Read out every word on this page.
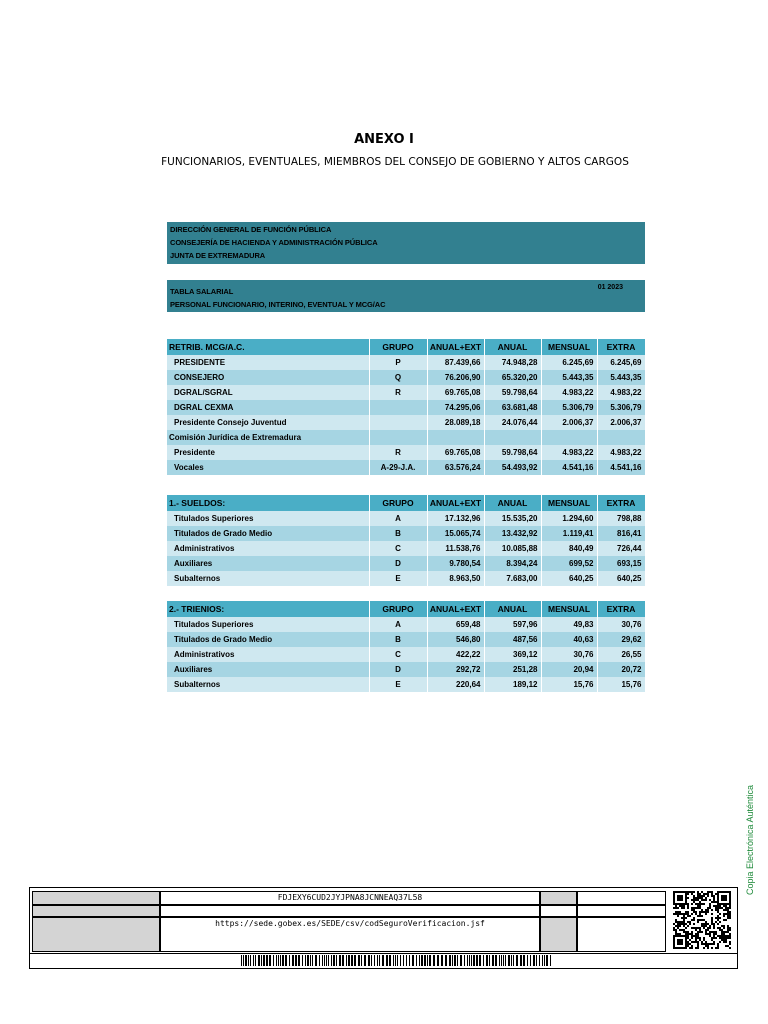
ANEXO I
FUNCIONARIOS, EVENTUALES, MIEMBROS DEL CONSEJO DE GOBIERNO Y ALTOS CARGOS
DIRECCIÓN GENERAL DE FUNCIÓN PÚBLICA
CONSEJERÍA DE HACIENDA Y ADMINISTRACIÓN PÚBLICA
JUNTA DE EXTREMADURA
TABLA SALARIAL
PERSONAL FUNCIONARIO, INTERINO, EVENTUAL Y MCG/AC
01 2023
RETRIB. MCG/A.C.	GRUPO	ANUAL+EXT	ANUAL	MENSUAL	EXTRA
PRESIDENTE	P	87.439,66	74.948,28	6.245,69	6.245,69
CONSEJERO	Q	76.206,90	65.320,20	5.443,35	5.443,35
DGRAL/SGRAL	R	69.765,08	59.798,64	4.983,22	4.983,22
DGRAL CEXMA		74.295,06	63.681,48	5.306,79	5.306,79
Presidente Consejo Juventud		28.089,18	24.076,44	2.006,37	2.006,37
Comisión Jurídica de Extremadura					
Presidente	R	69.765,08	59.798,64	4.983,22	4.983,22
Vocales	A-29-J.A.	63.576,24	54.493,92	4.541,16	4.541,16
1.- SUELDOS:	GRUPO	ANUAL+EXT	ANUAL	MENSUAL	EXTRA
Titulados Superiores	A	17.132,96	15.535,20	1.294,60	798,88
Titulados de Grado Medio	B	15.065,74	13.432,92	1.119,41	816,41
Administrativos	C	11.538,76	10.085,88	840,49	726,44
Auxiliares	D	9.780,54	8.394,24	699,52	693,15
Subalternos	E	8.963,50	7.683,00	640,25	640,25
2.- TRIENIOS:	GRUPO	ANUAL+EXT	ANUAL	MENSUAL	EXTRA
Titulados Superiores	A	659,48	597,96	49,83	30,76
Titulados de Grado Medio	B	546,80	487,56	40,63	29,62
Administrativos	C	422,22	369,12	30,76	26,55
Auxiliares	D	292,72	251,28	20,94	20,72
Subalternos	E	220,64	189,12	15,76	15,76
Copia Electrónica Auténtica
FDJEXY6CUD2JYJPNA8JCNNEAQ37L58
https://sede.gobex.es/SEDE/csv/codSeguroVerificacion.jsf
